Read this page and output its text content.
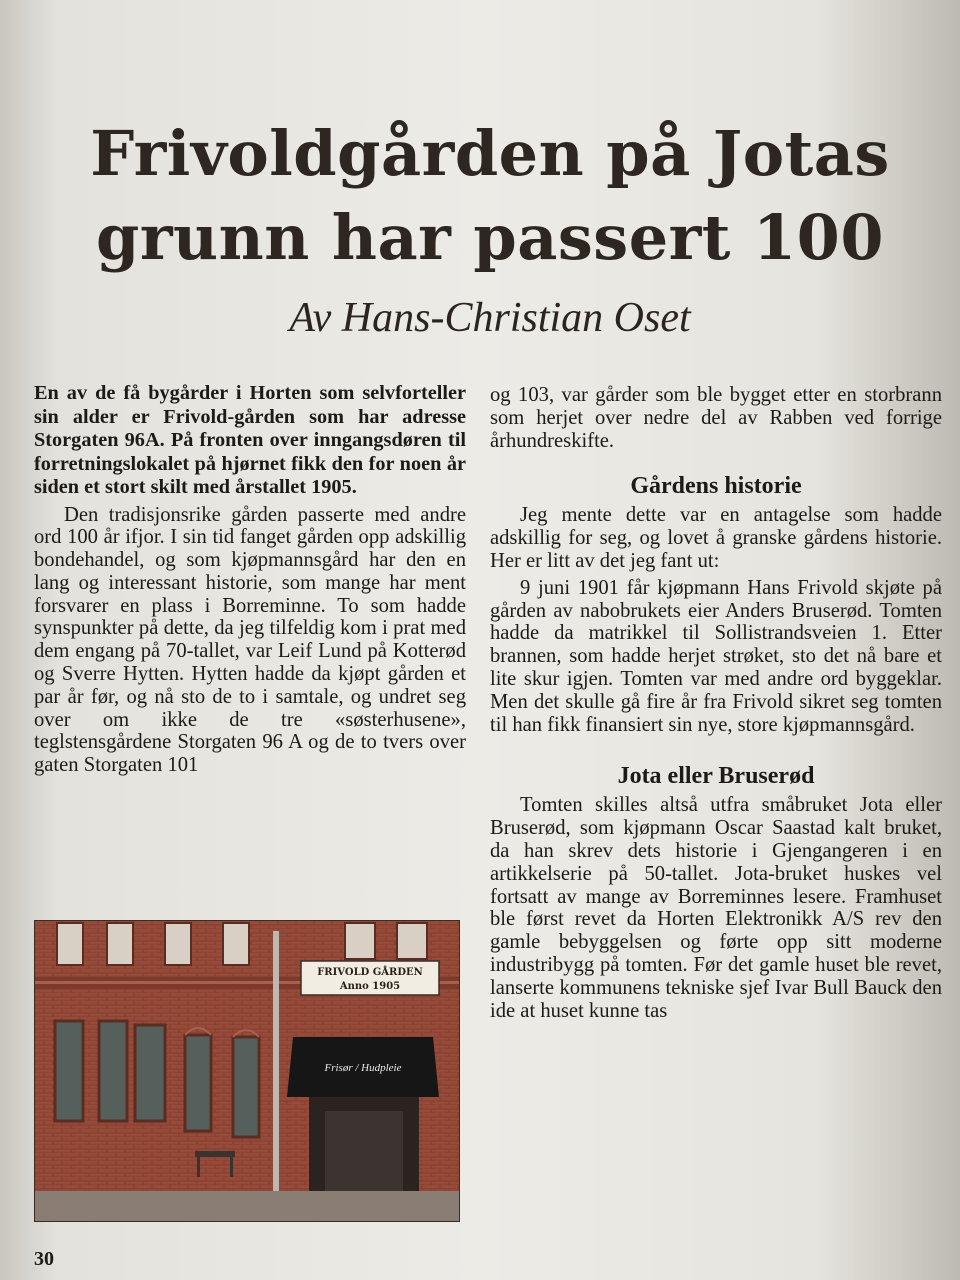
Frivoldgården på Jotas
grunn har passert 100

Av Hans-Christian Oset

En av de få bygårder i Horten som selvforteller sin alder er Frivold-gården som har adresse Storgaten 96A. På fronten over inngangsdøren til forretningslokalet på hjørnet fikk den for noen år siden et stort skilt med årstallet 1905.

Den tradisjonsrike gården passerte med andre ord 100 år ifjor. I sin tid fanget gården opp adskillig bondehandel, og som kjøpmannsgård har den en lang og interessant historie, som mange har ment forsvarer en plass i Borreminne. To som hadde synspunkter på dette, da jeg tilfeldig kom i prat med dem engang på 70-tallet, var Leif Lund på Kotterød og Sverre Hytten. Hytten hadde da kjøpt gården et par år før, og nå sto de to i samtale, og undret seg over om ikke de tre «søsterhusene», teglstensgårdene Storgaten 96 A og de to tvers over gaten Storgaten 101

FRIVOLD GÅRDEN
Anno 1905
Frisør / Hudpleie

og 103, var gårder som ble bygget etter en storbrann som herjet over nedre del av Rabben ved forrige århundreskifte.

Gårdens historie

Jeg mente dette var en antagelse som hadde adskillig for seg, og lovet å granske gårdens historie. Her er litt av det jeg fant ut:

9 juni 1901 får kjøpmann Hans Frivold skjøte på gården av nabobrukets eier Anders Bruserød. Tomten hadde da matrikkel til Sollistrandsveien 1. Etter brannen, som hadde herjet strøket, sto det nå bare et lite skur igjen. Tomten var med andre ord byggeklar. Men det skulle gå fire år fra Frivold sikret seg tomten til han fikk finansiert sin nye, store kjøpmannsgård.

Jota eller Bruserød

Tomten skilles altså utfra småbruket Jota eller Bruserød, som kjøpmann Oscar Saastad kalt bruket, da han skrev dets historie i Gjengangeren i en artikkelserie på 50-tallet. Jota-bruket huskes vel fortsatt av mange av Borreminnes lesere. Framhuset ble først revet da Horten Elektronikk A/S rev den gamle bebyggelsen og førte opp sitt moderne industribygg på tomten. Før det gamle huset ble revet, lanserte kommunens tekniske sjef Ivar Bull Bauck den ide at huset kunne tas

30
